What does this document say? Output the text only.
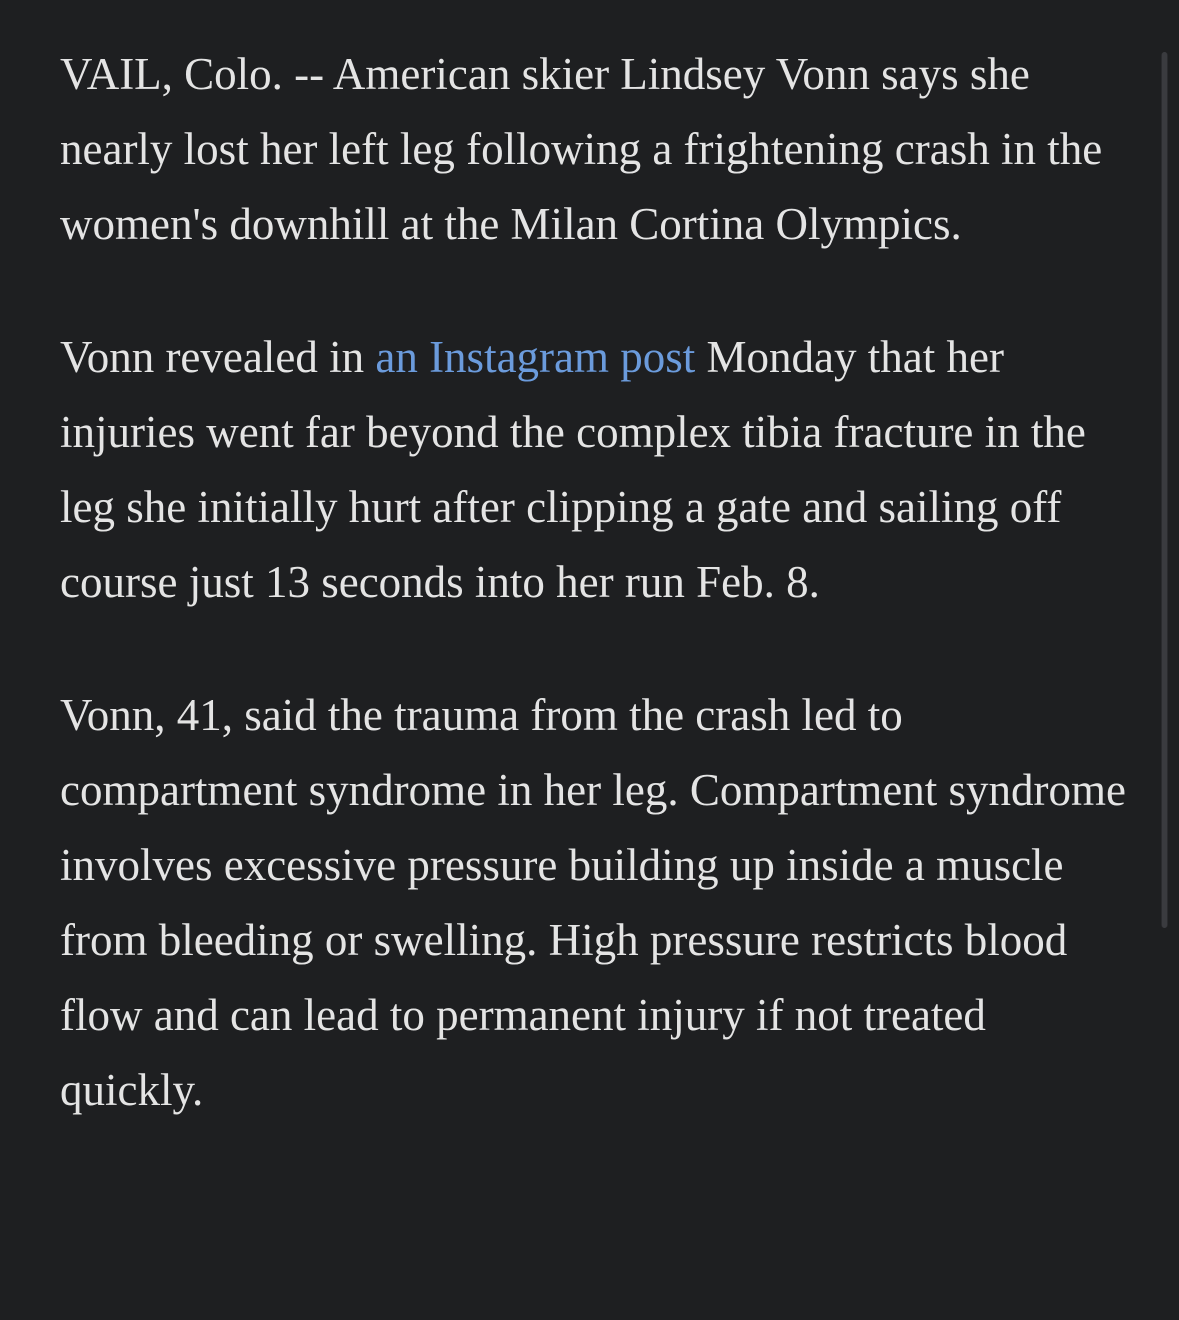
VAIL, Colo. -- American skier Lindsey Vonn says she nearly lost her left leg following a frightening crash in the women's downhill at the Milan Cortina Olympics.

Vonn revealed in an Instagram post Monday that her injuries went far beyond the complex tibia fracture in the leg she initially hurt after clipping a gate and sailing off course just 13 seconds into her run Feb. 8.

Vonn, 41, said the trauma from the crash led to compartment syndrome in her leg. Compartment syndrome involves excessive pressure building up inside a muscle from bleeding or swelling. High pressure restricts blood flow and can lead to permanent injury if not treated quickly.
